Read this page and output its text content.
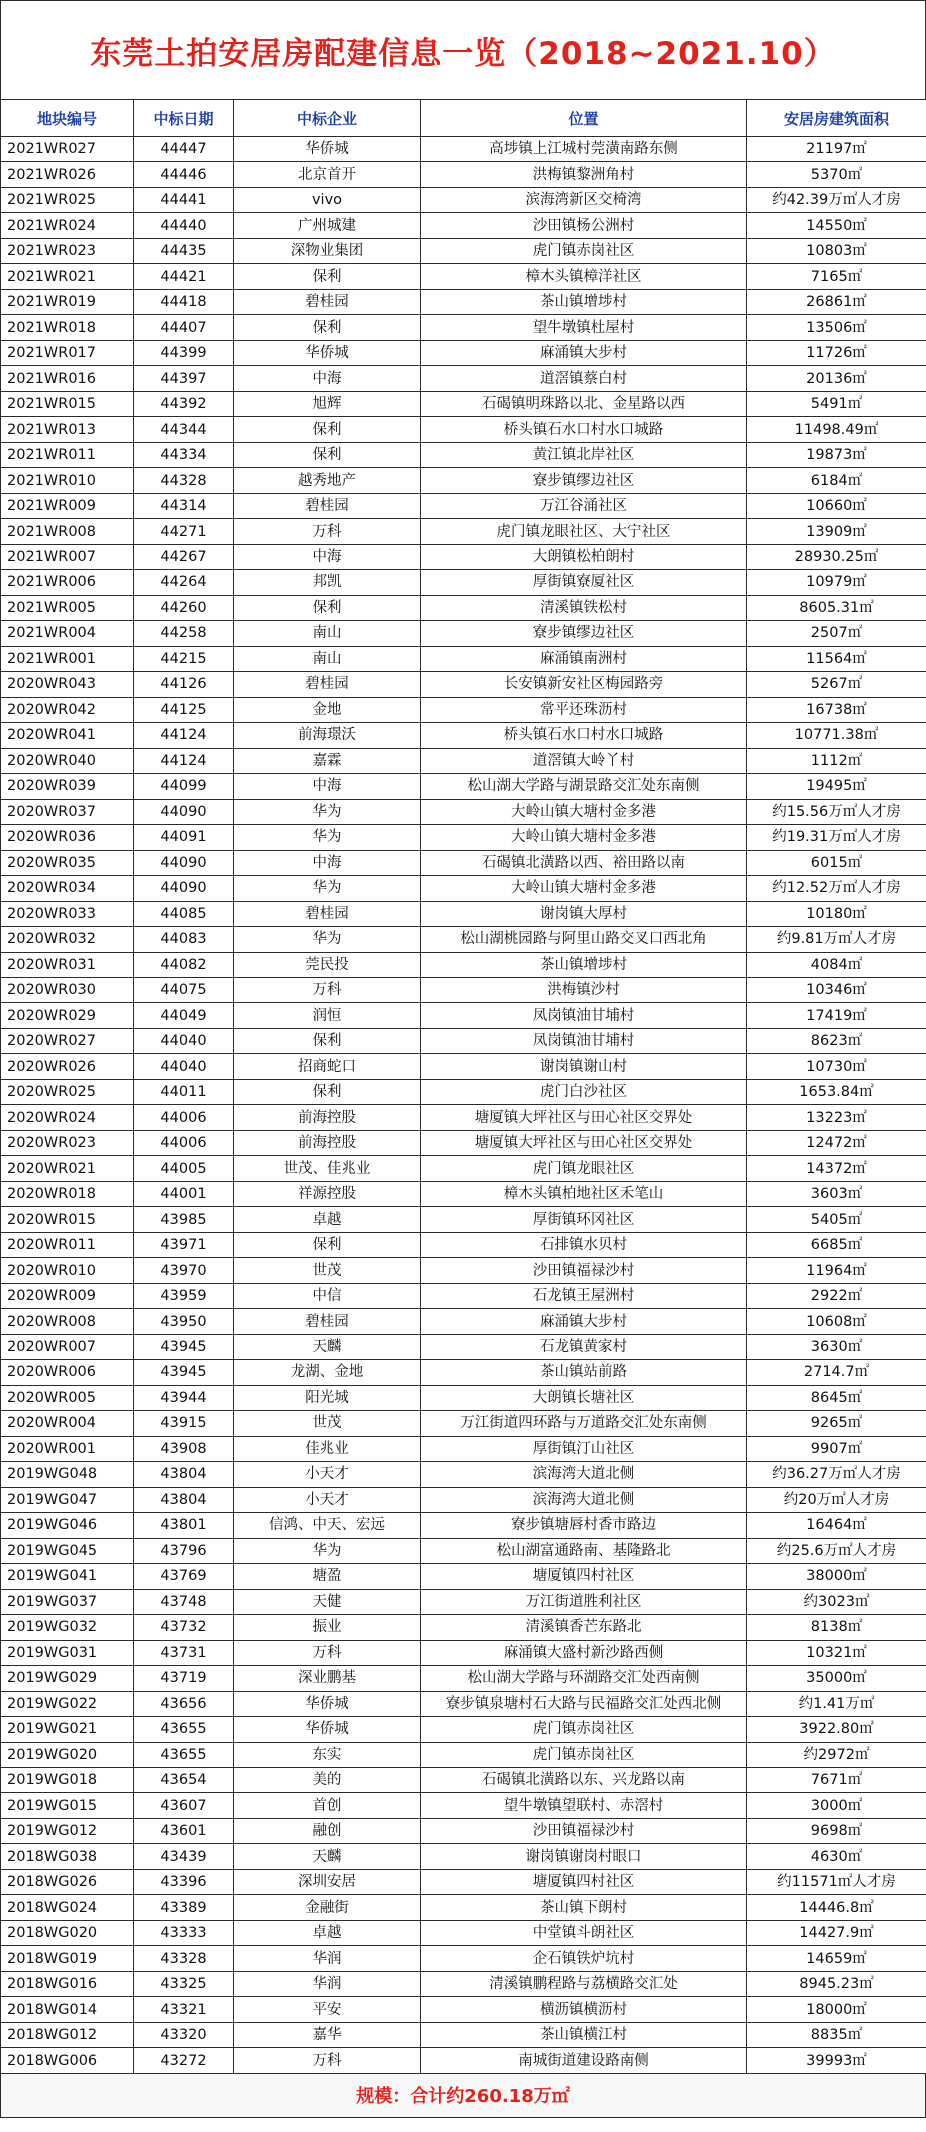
东莞土拍安居房配建信息一览（2018~2021.10）
地块编号	中标日期	中标企业	位置	安居房建筑面积
2021WR027	44447	华侨城	高埗镇上江城村莞潢南路东侧	21197㎡
2021WR026	44446	北京首开	洪梅镇黎洲角村	5370㎡
2021WR025	44441	vivo	滨海湾新区交椅湾	约42.39万㎡人才房
2021WR024	44440	广州城建	沙田镇杨公洲村	14550㎡
2021WR023	44435	深物业集团	虎门镇赤岗社区	10803㎡
2021WR021	44421	保利	樟木头镇樟洋社区	7165㎡
2021WR019	44418	碧桂园	茶山镇增埗村	26861㎡
2021WR018	44407	保利	望牛墩镇杜屋村	13506㎡
2021WR017	44399	华侨城	麻涌镇大步村	11726㎡
2021WR016	44397	中海	道滘镇蔡白村	20136㎡
2021WR015	44392	旭辉	石碣镇明珠路以北、金星路以西	5491㎡
2021WR013	44344	保利	桥头镇石水口村水口城路	11498.49㎡
2021WR011	44334	保利	黄江镇北岸社区	19873㎡
2021WR010	44328	越秀地产	寮步镇缪边社区	6184㎡
2021WR009	44314	碧桂园	万江谷涌社区	10660㎡
2021WR008	44271	万科	虎门镇龙眼社区、大宁社区	13909㎡
2021WR007	44267	中海	大朗镇松柏朗村	28930.25㎡
2021WR006	44264	邦凯	厚街镇寮厦社区	10979㎡
2021WR005	44260	保利	清溪镇铁松村	8605.31㎡
2021WR004	44258	南山	寮步镇缪边社区	2507㎡
2021WR001	44215	南山	麻涌镇南洲村	11564㎡
2020WR043	44126	碧桂园	长安镇新安社区梅园路旁	5267㎡
2020WR042	44125	金地	常平还珠沥村	16738㎡
2020WR041	44124	前海璟沃	桥头镇石水口村水口城路	10771.38㎡
2020WR040	44124	嘉霖	道滘镇大岭丫村	1112㎡
2020WR039	44099	中海	松山湖大学路与湖景路交汇处东南侧	19495㎡
2020WR037	44090	华为	大岭山镇大塘村金多港	约15.56万㎡人才房
2020WR036	44091	华为	大岭山镇大塘村金多港	约19.31万㎡人才房
2020WR035	44090	中海	石碣镇北潢路以西、裕田路以南	6015㎡
2020WR034	44090	华为	大岭山镇大塘村金多港	约12.52万㎡人才房
2020WR033	44085	碧桂园	谢岗镇大厚村	10180㎡
2020WR032	44083	华为	松山湖桃园路与阿里山路交叉口西北角	约9.81万㎡人才房
2020WR031	44082	莞民投	茶山镇增埗村	4084㎡
2020WR030	44075	万科	洪梅镇沙村	10346㎡
2020WR029	44049	润恒	凤岗镇油甘埔村	17419㎡
2020WR027	44040	保利	凤岗镇油甘埔村	8623㎡
2020WR026	44040	招商蛇口	谢岗镇谢山村	10730㎡
2020WR025	44011	保利	虎门白沙社区	1653.84㎡
2020WR024	44006	前海控股	塘厦镇大坪社区与田心社区交界处	13223㎡
2020WR023	44006	前海控股	塘厦镇大坪社区与田心社区交界处	12472㎡
2020WR021	44005	世茂、佳兆业	虎门镇龙眼社区	14372㎡
2020WR018	44001	祥源控股	樟木头镇柏地社区禾笔山	3603㎡
2020WR015	43985	卓越	厚街镇环冈社区	5405㎡
2020WR011	43971	保利	石排镇水贝村	6685㎡
2020WR010	43970	世茂	沙田镇福禄沙村	11964㎡
2020WR009	43959	中信	石龙镇王屋洲村	2922㎡
2020WR008	43950	碧桂园	麻涌镇大步村	10608㎡
2020WR007	43945	天麟	石龙镇黄家村	3630㎡
2020WR006	43945	龙湖、金地	茶山镇站前路	2714.7㎡
2020WR005	43944	阳光城	大朗镇长塘社区	8645㎡
2020WR004	43915	世茂	万江街道四环路与万道路交汇处东南侧	9265㎡
2020WR001	43908	佳兆业	厚街镇汀山社区	9907㎡
2019WG048	43804	小天才	滨海湾大道北侧	约36.27万㎡人才房
2019WG047	43804	小天才	滨海湾大道北侧	约20万㎡人才房
2019WG046	43801	信鸿、中天、宏远	寮步镇塘唇村香市路边	16464㎡
2019WG045	43796	华为	松山湖富通路南、基隆路北	约25.6万㎡人才房
2019WG041	43769	塘盈	塘厦镇四村社区	38000㎡
2019WG037	43748	天健	万江街道胜利社区	约3023㎡
2019WG032	43732	振业	清溪镇香芒东路北	8138㎡
2019WG031	43731	万科	麻涌镇大盛村新沙路西侧	10321㎡
2019WG029	43719	深业鹏基	松山湖大学路与环湖路交汇处西南侧	35000㎡
2019WG022	43656	华侨城	寮步镇泉塘村石大路与民福路交汇处西北侧	约1.41万㎡
2019WG021	43655	华侨城	虎门镇赤岗社区	3922.80㎡
2019WG020	43655	东实	虎门镇赤岗社区	约2972㎡
2019WG018	43654	美的	石碣镇北潢路以东、兴龙路以南	7671㎡
2019WG015	43607	首创	望牛墩镇望联村、赤滘村	3000㎡
2019WG012	43601	融创	沙田镇福禄沙村	9698㎡
2018WG038	43439	天麟	谢岗镇谢岗村眼口	4630㎡
2018WG026	43396	深圳安居	塘厦镇四村社区	约11571㎡人才房
2018WG024	43389	金融街	茶山镇下朗村	14446.8㎡
2018WG020	43333	卓越	中堂镇斗朗社区	14427.9㎡
2018WG019	43328	华润	企石镇铁炉坑村	14659㎡
2018WG016	43325	华润	清溪镇鹏程路与荔横路交汇处	8945.23㎡
2018WG014	43321	平安	横沥镇横沥村	18000㎡
2018WG012	43320	嘉华	茶山镇横江村	8835㎡
2018WG006	43272	万科	南城街道建设路南侧	39993㎡
规模：合计约260.18万㎡
